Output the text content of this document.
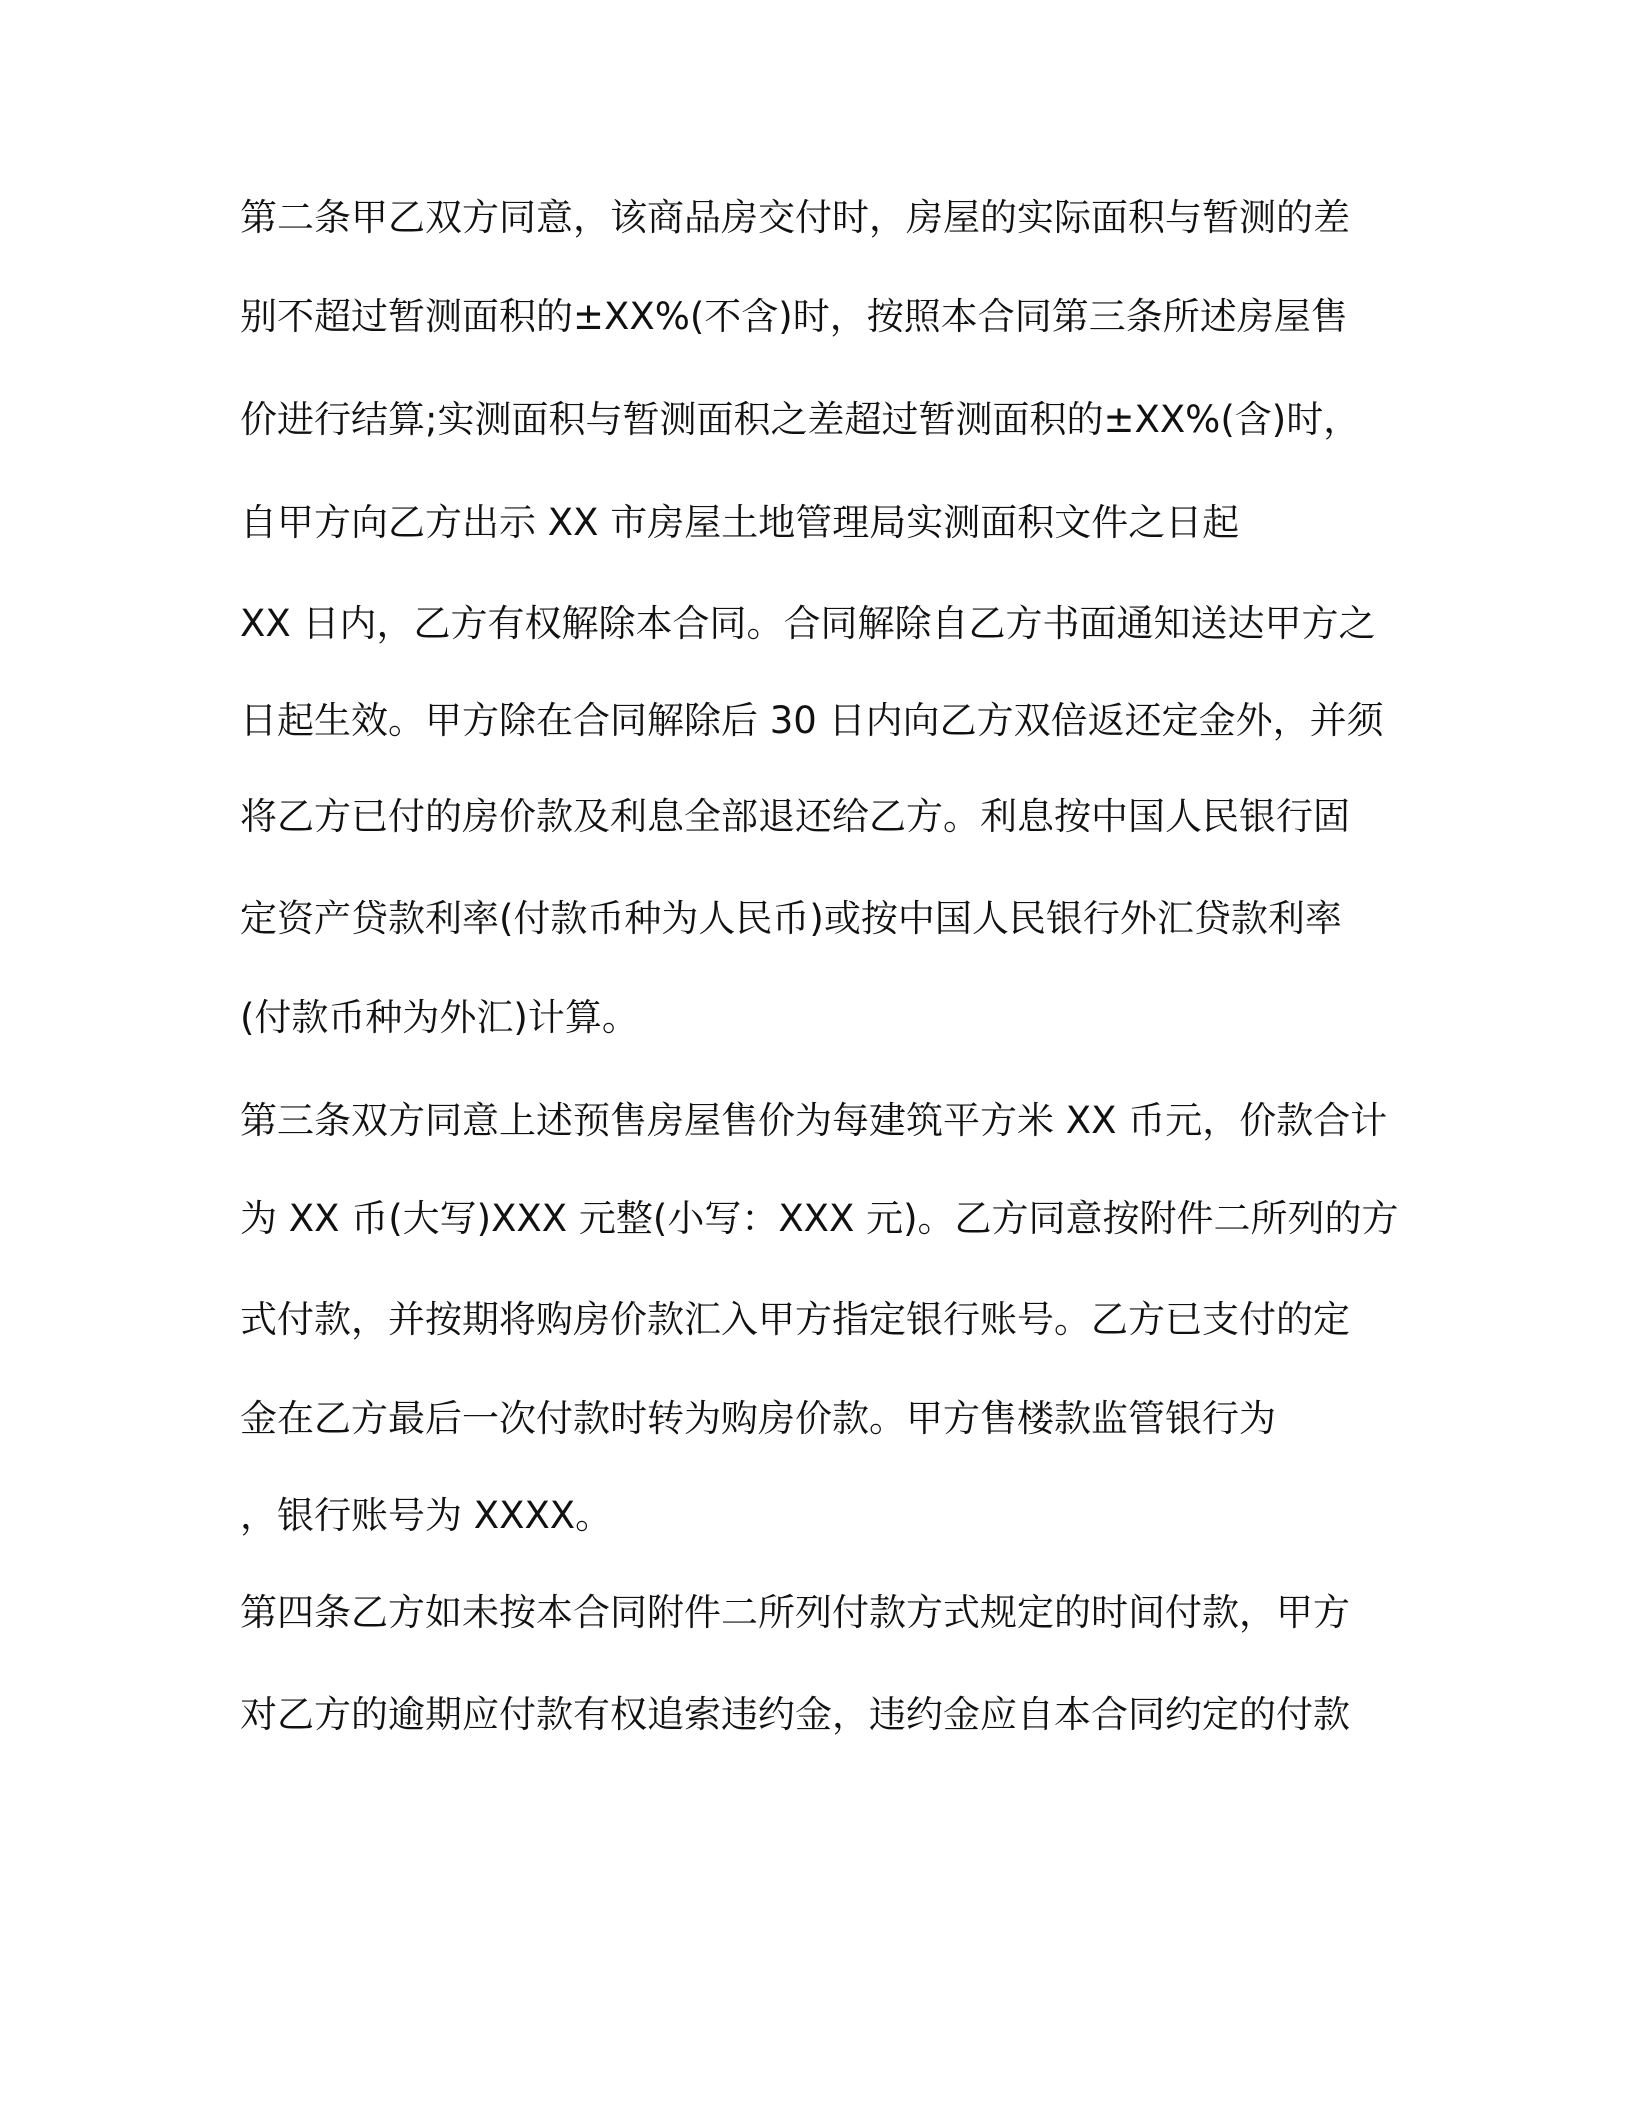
第二条甲乙双方同意，该商品房交付时，房屋的实际面积与暂测的差
别不超过暂测面积的±XX%(不含)时，按照本合同第三条所述房屋售
价进行结算;实测面积与暂测面积之差超过暂测面积的±XX%(含)时，
自甲方向乙方出示 XX 市房屋土地管理局实测面积文件之日起
XX 日内，乙方有权解除本合同。合同解除自乙方书面通知送达甲方之
日起生效。甲方除在合同解除后 30 日内向乙方双倍返还定金外，并须
将乙方已付的房价款及利息全部退还给乙方。利息按中国人民银行固
定资产贷款利率(付款币种为人民币)或按中国人民银行外汇贷款利率
(付款币种为外汇)计算。
第三条双方同意上述预售房屋售价为每建筑平方米 XX 币元，价款合计
为 XX 币(大写)XXX 元整(小写：XXX 元)。乙方同意按附件二所列的方
式付款，并按期将购房价款汇入甲方指定银行账号。乙方已支付的定
金在乙方最后一次付款时转为购房价款。甲方售楼款监管银行为
，银行账号为 XXXX。
第四条乙方如未按本合同附件二所列付款方式规定的时间付款，甲方
对乙方的逾期应付款有权追索违约金，违约金应自本合同约定的付款
